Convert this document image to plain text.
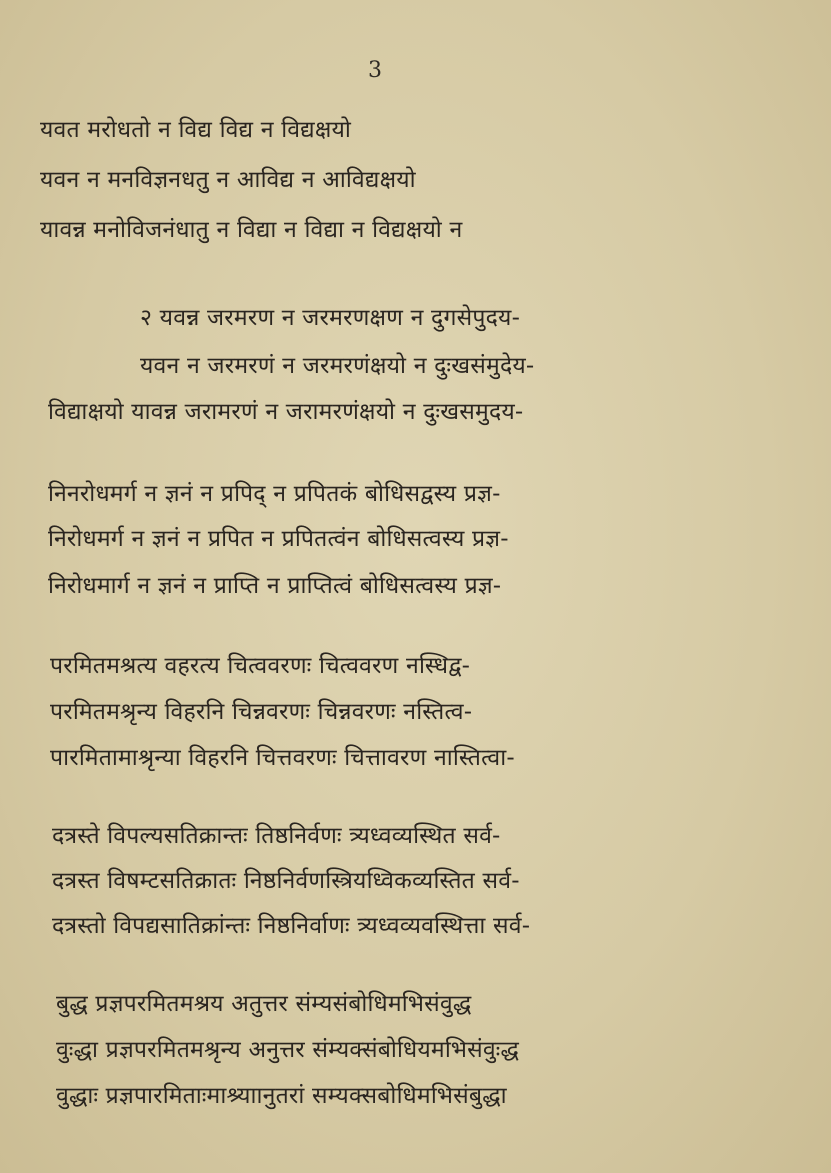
3
यवत मरोधतो न विद्य विद्य न विद्यक्षयो
यवन न मनविज्ञनधतु न आविद्य न आविद्यक्षयो
यावन्न मनोविजनंधातु न विद्या न विद्या न विद्यक्षयो न
२ यवन्न जरमरण न जरमरणक्षण न दुगसेपुदय-
यवन न जरमरणं न जरमरणंक्षयो न दुःखसंमुदेय-
विद्याक्षयो यावन्न जरामरणं न जरामरणंक्षयो न दुःखसमुदय-
निनरोधमर्ग न ज्ञनं न प्रपिद् न प्रपितकं बोधिसद्वस्य प्रज्ञ-
निरोधमर्ग न ज्ञनं न प्रपित न प्रपितत्वंन बोधिसत्वस्य प्रज्ञ-
निरोधमार्ग न ज्ञनं न प्राप्ति न प्राप्तित्वं बोधिसत्वस्य प्रज्ञ-
परमितमश्रत्य वहरत्य चित्ववरणः चित्ववरण नस्धिद्व-
परमितमश्रृन्य विहरनि चिन्नवरणः चिन्नवरणः नस्तित्व-
पारमितामाश्रृन्या विहरनि चित्तवरणः चित्तावरण नास्तित्वा-
दत्रस्ते विपल्यसतिक्रान्तः तिष्ठनिर्वणः त्र्यध्वव्यस्थित सर्व-
दत्रस्त विषम्टसतिक्रातः निष्ठनिर्वणस्त्रियध्विकव्यस्तित सर्व-
दत्रस्तो विपद्यसातिक्रांन्तः निष्ठनिर्वाणः त्र्यध्वव्यवस्थित्ता सर्व-
बुद्ध प्रज्ञपरमितमश्रय अतुत्तर संम्यसंबोधिमभिसंवुद्ध
वुःद्धा प्रज्ञपरमितमश्रृन्य अनुत्तर संम्यक्संबोधियमभिसंवुःद्ध
वुद्धाः प्रज्ञपारमिताःमाश्र्याानुतरां सम्यक्सबोधिमभिसंबुद्धा
